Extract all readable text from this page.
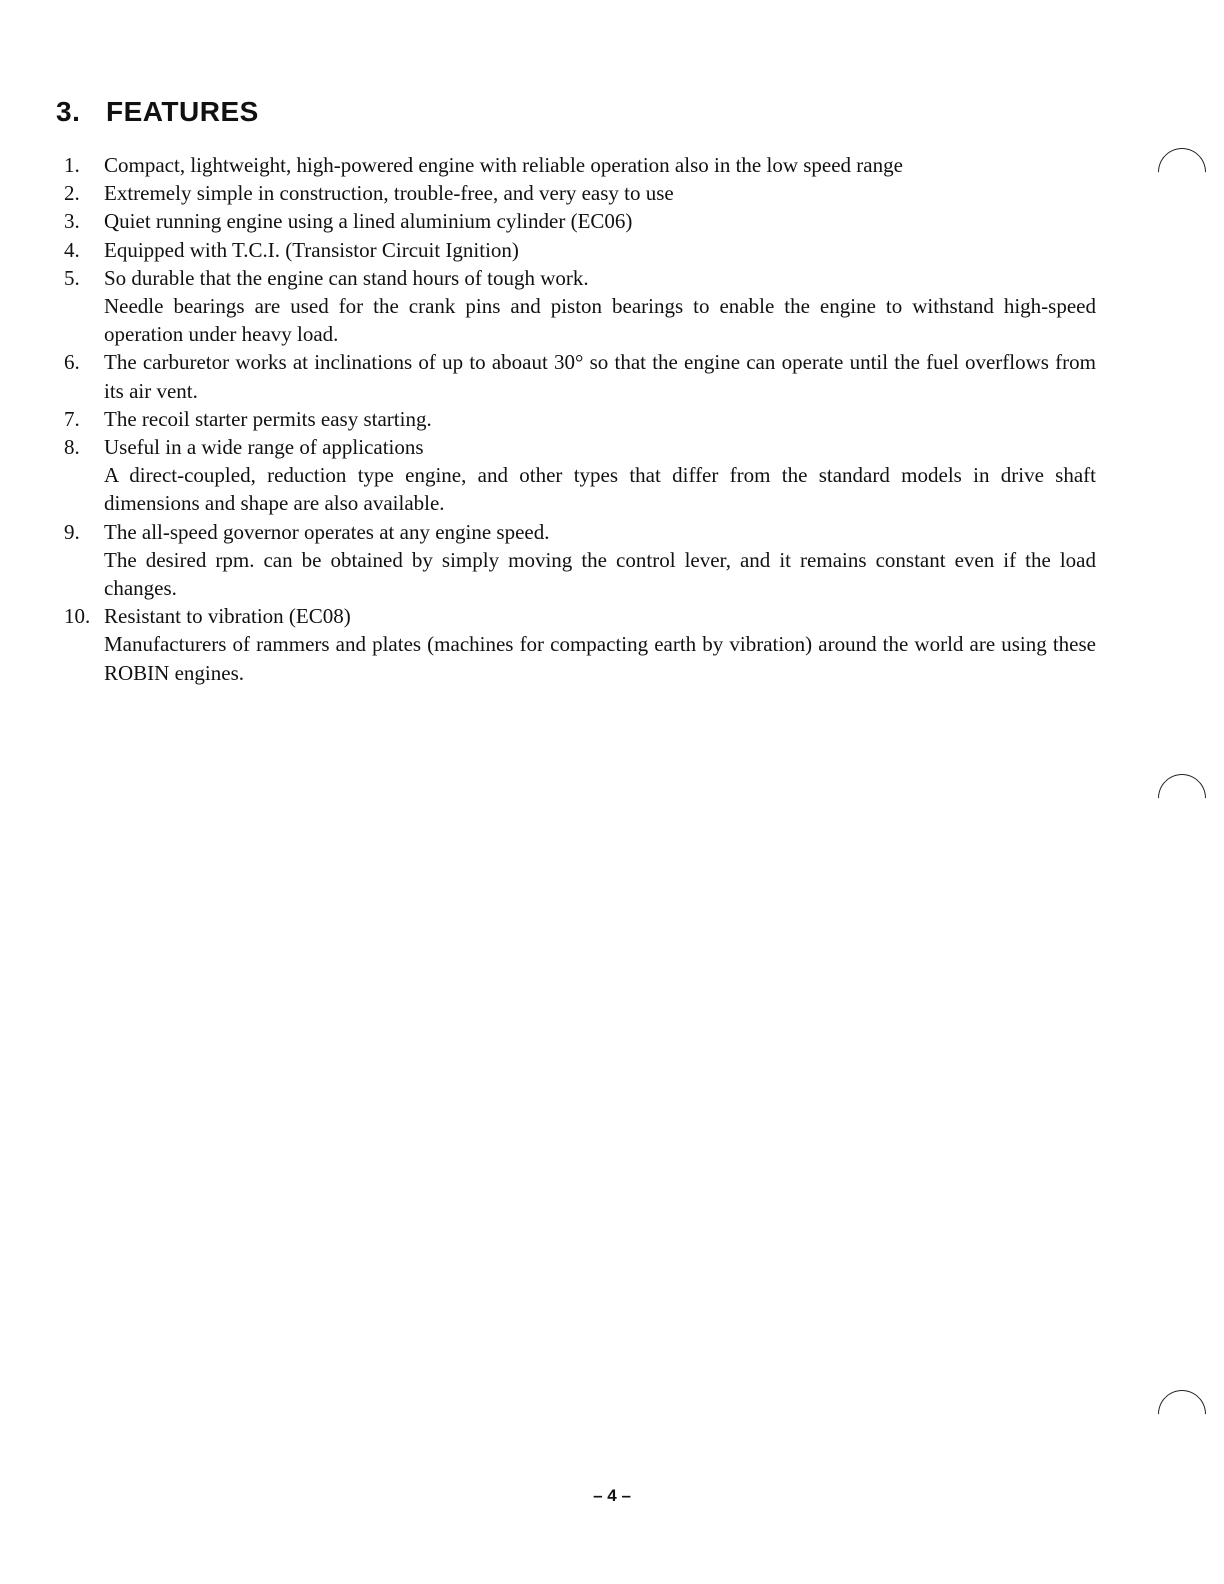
3. FEATURES
1.	Compact, lightweight, high-powered engine with reliable operation also in the low speed range

2.	Extremely simple in construction, trouble-free, and very easy to use

3.	Quiet running engine using a lined aluminium cylinder (EC06)

4.	Equipped with T.C.I. (Transistor Circuit Ignition)

5.	So durable that the engine can stand hours of tough work.

Needle bearings are used for the crank pins and piston bearings to enable the engine to withstand high-speed operation under heavy load.

6.	The carburetor works at inclinations of up to aboaut 30° so that the engine can operate until the fuel overflows from its air vent.

7.	The recoil starter permits easy starting.

8.	Useful in a wide range of applications

A direct-coupled, reduction type engine, and other types that differ from the standard models in drive shaft dimensions and shape are also available.

9.	The all-speed governor operates at any engine speed.

The desired rpm. can be obtained by simply moving the control lever, and it remains constant even if the load changes.

10. Resistant to vibration (EC08)

Manufacturers of rammers and plates (machines for compacting earth by vibration) around the world are using these ROBIN engines.

– 4 –
